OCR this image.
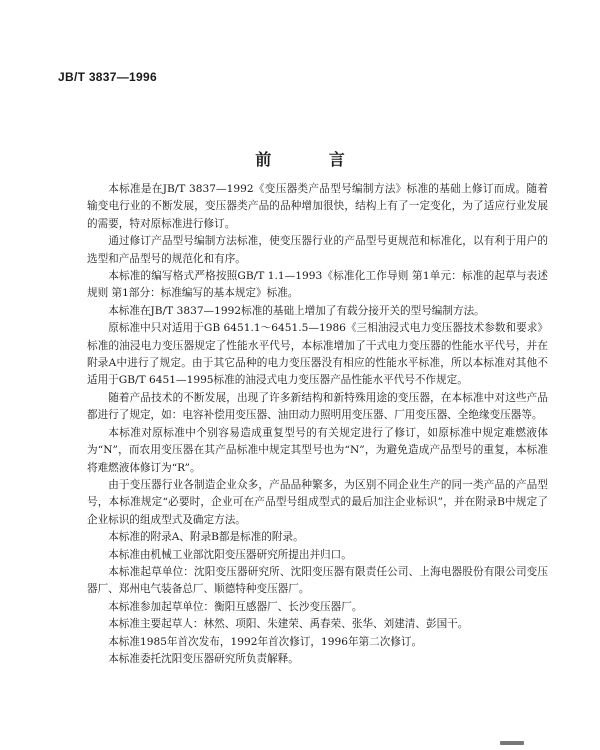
JB/T 3837—1996
前 言

本标准是在JB/T 3837—1992《变压器类产品型号编制方法》标准的基础上修订而成。随着输变电行业的不断发展，变压器类产品的品种增加很快，结构上有了一定变化，为了适应行业发展的需要，特对原标准进行修订。

通过修订产品型号编制方法标准，使变压器行业的产品型号更规范和标准化，以有利于用户的选型和产品型号的规范化和有序。

本标准的编写格式严格按照GB/T 1.1—1993《标准化工作导则 第1单元：标准的起草与表述规则 第1部分：标准编写的基本规定》标准。

本标准在JB/T 3837—1992标准的基础上增加了有载分接开关的型号编制方法。

原标准中只对适用于GB 6451.1～6451.5—1986《三相油浸式电力变压器技术参数和要求》标准的油浸电力变压器规定了性能水平代号，本标准增加了干式电力变压器的性能水平代号，并在附录A中进行了规定。由于其它品种的电力变压器没有相应的性能水平标准，所以本标准对其他不适用于GB/T 6451—1995标准的油浸式电力变压器产品性能水平代号不作规定。

随着产品技术的不断发展，出现了许多新结构和新特殊用途的变压器，在本标准中对这些产品都进行了规定，如：电容补偿用变压器、油田动力照明用变压器、厂用变压器、全绝缘变压器等。

本标准对原标准中个别容易造成重复型号的有关规定进行了修订，如原标准中规定难燃液体为“N”，而农用变压器在其产品标准中规定其型号也为“N”，为避免造成产品型号的重复，本标准将难燃液体修订为“R”。

由于变压器行业各制造企业众多，产品品种繁多，为区别不同企业生产的同一类产品的产品型号，本标准规定“必要时，企业可在产品型号组成型式的最后加注企业标识”，并在附录B中规定了企业标识的组成型式及确定方法。

本标准的附录A、附录B都是标准的附录。

本标准由机械工业部沈阳变压器研究所提出并归口。

本标准起草单位：沈阳变压器研究所、沈阳变压器有限责任公司、上海电器股份有限公司变压器厂、郑州电气装备总厂、顺德特种变压器厂。

本标准参加起草单位：衡阳互感器厂、长沙变压器厂。

本标准主要起草人：林然、项阳、朱建荣、禹春荣、张华、刘建清、彭国干。

本标准1985年首次发布，1992年首次修订，1996年第二次修订。

本标准委托沈阳变压器研究所负责解释。
